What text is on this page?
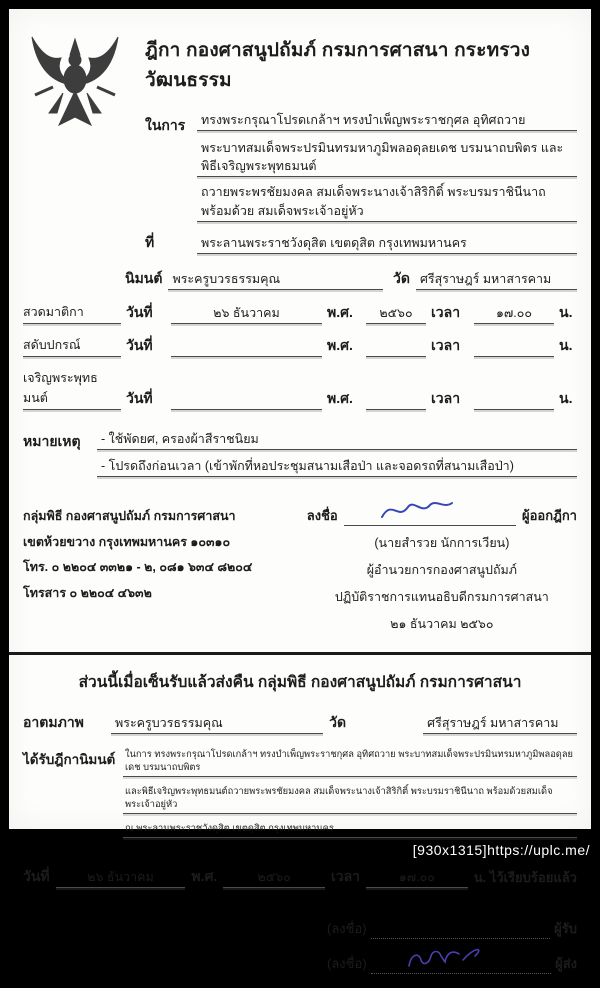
ฎีกา กองศาสนูปถัมภ์ กรมการศาสนา กระทรวงวัฒนธรรม
ในการ	ทรงพระกรุณาโปรดเกล้าฯ ทรงบำเพ็ญพระราชกุศล อุทิศถวาย
พระบาทสมเด็จพระปรมินทรมหาภูมิพลอดุลยเดช บรมนาถบพิตร และพิธีเจริญพระพุทธมนต์
ถวายพระพรชัยมงคล สมเด็จพระนางเจ้าสิริกิติ์ พระบรมราชินีนาถ พร้อมด้วย สมเด็จพระเจ้าอยู่หัว
ที่	พระลานพระราชวังดุสิต เขตดุสิต กรุงเทพมหานคร
นิมนต์ พระครูบวรธรรมคุณ	วัด ศรีสุราษฎร์ มหาสารคาม
สวดมาติกา	วันที่	๒๖ ธันวาคม	พ.ศ.	๒๕๖๐	เวลา	๑๗.๐๐	น.
สดับปกรณ์	วันที่	พ.ศ.	เวลา	น.
เจริญพระพุทธมนต์	วันที่	พ.ศ.	เวลา	น.
หมายเหตุ	- ใช้พัดยศ, ครองผ้าสีราชนิยม
- โปรดถึงก่อนเวลา (เข้าพักที่หอประชุมสนามเสือป่า และจอดรถที่สนามเสือป่า)
กลุ่มพิธี กองศาสนูปถัมภ์ กรมการศาสนา
เขตห้วยขวาง กรุงเทพมหานคร ๑๐๓๑๐
โทร. ๐ ๒๒๐๔ ๓๓๒๑ - ๒, ๐๘๑ ๖๓๔ ๘๒๐๔
โทรสาร ๐ ๒๒๐๔ ๔๖๓๒
ลงชื่อ	ผู้ออกฎีกา
(นายสำรวย นักการเวียน)
ผู้อำนวยการกองศาสนูปถัมภ์
ปฏิบัติราชการแทนอธิบดีกรมการศาสนา
๒๑ ธันวาคม ๒๕๖๐
ส่วนนี้เมื่อเซ็นรับแล้วส่งคืน กลุ่มพิธี กองศาสนูปถัมภ์ กรมการศาสนา
อาตมภาพ	พระครูบวรธรรมคุณ	วัด	ศรีสุราษฎร์ มหาสารคาม
ได้รับฎีกานิมนต์	ในการ ทรงพระกรุณาโปรดเกล้าฯ ทรงบำเพ็ญพระราชกุศล อุทิศถวาย พระบาทสมเด็จพระปรมินทรมหาภูมิพลอดุลยเดช บรมนาถบพิตร
และพิธีเจริญพระพุทธมนต์ถวายพระพรชัยมงคล สมเด็จพระนางเจ้าสิริกิติ์ พระบรมราชินีนาถ พร้อมด้วยสมเด็จพระเจ้าอยู่หัว
ณ พระลานพระราชวังดุสิต เขตดุสิต กรุงเทพมหานคร
วันที่	๒๖ ธันวาคม	พ.ศ.	๒๕๖๐	เวลา	๑๗.๐๐	น. ไว้เรียบร้อยแล้ว
(ลงชื่อ)	ผู้รับ
(ลงชื่อ)	ผู้ส่ง
[930x1315]https://uplc.me/
